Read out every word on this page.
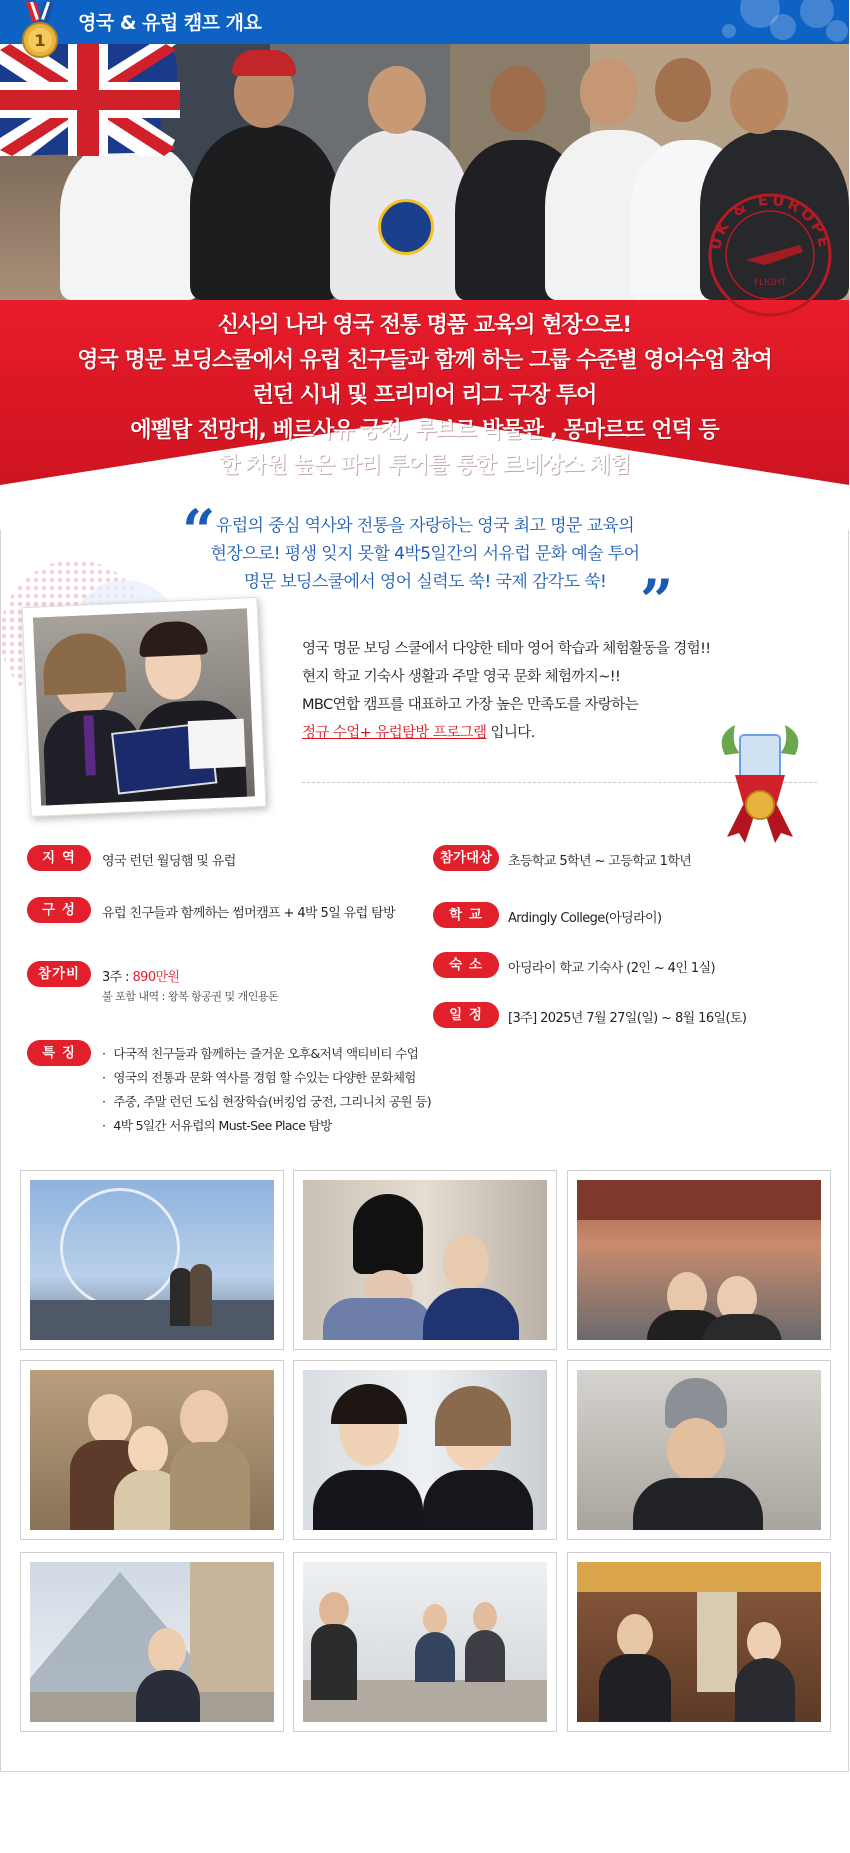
1
영국 & 유럽 캠프 개요
신사의 나라 영국 전통 명품 교육의 현장으로!
영국 명문 보딩스쿨에서 유럽 친구들과 함께 하는 그룹 수준별 영어수업 참여
런던 시내 및 프리미어 리그 구장 투어
에펠탑 전망대, 베르사유 궁전, 루브르 박물관 , 몽마르뜨 언덕 등
한 차원 높은 파리 투어를 통한 르네상스 체험
UK & EUROPE
FLIGHT
“ 유럽의 중심 역사와 전통을 자랑하는 영국 최고 명문 교육의
현장으로! 평생 잊지 못할 4박5일간의 서유럽 문화 예술 투어
명문 보딩스쿨에서 영어 실력도 쑥! 국제 감각도 쑥! ”
영국 명문 보딩 스쿨에서 다양한 테마 영어 학습과 체험활동을 경험!!
현지 학교 기숙사 생활과 주말 영국 문화 체험까지~!!
MBC연합 캠프를 대표하고 가장 높은 만족도를 자랑하는
정규 수업+ 유럽탐방 프로그램 입니다.
지 역	영국 런던 월딩햄 및 유럽
구 성	유럽 친구들과 함께하는 썸머캠프 + 4박 5일 유럽 탐방
참가비	3주 : 890만원
불 포함 내역 : 왕복 항공권 및 개인용돈
특 징
·	다국적 친구들과 함께하는 즐거운 오후&저녁 액티비티 수업
· 영국의 전통과 문화 역사를 경험 할 수있는 다양한 문화체험
· 주중, 주말 런던 도심 현장학습(버킹엄 궁전, 그리니치 공원 등)
· 4박 5일간 서유럽의 Must-See Place 탐방
참가대상	초등학교 5학년 ~ 고등학교 1학년
학 교	Ardingly College(아딩라이)
숙 소	아딩라이 학교 기숙사 (2인 ~ 4인 1실)
일 정	[3주] 2025년 7월 27일(일) ~ 8월 16일(토)
